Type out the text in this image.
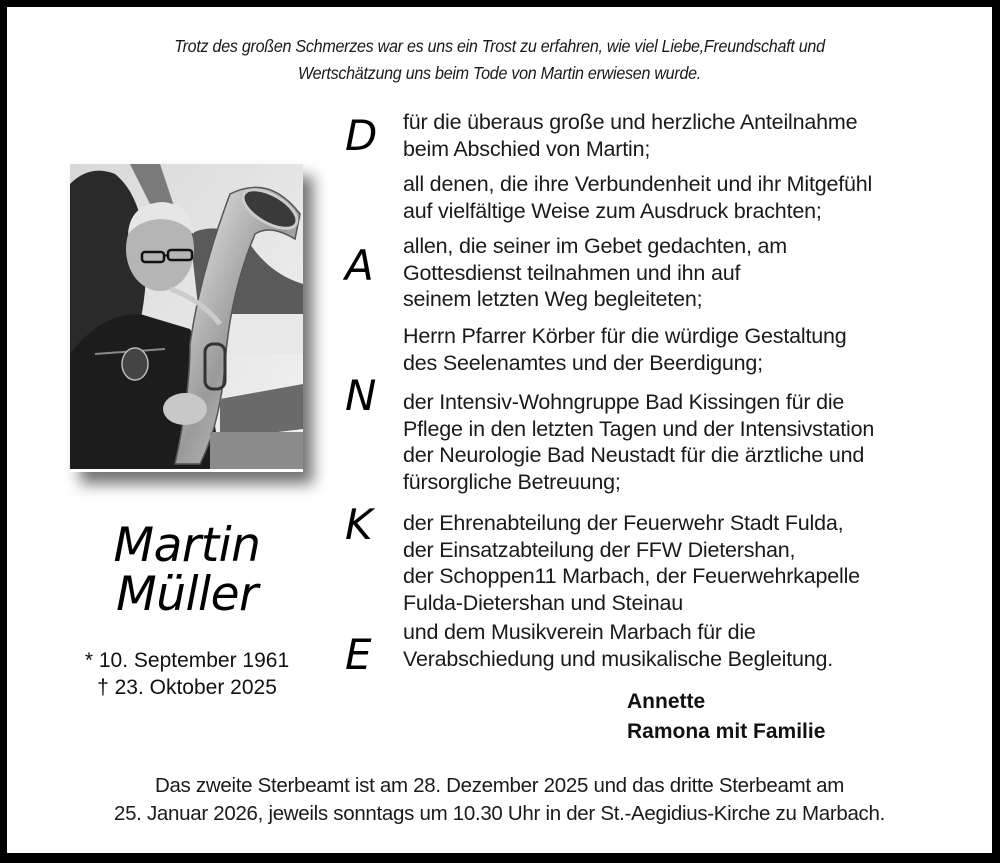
Trotz des großen Schmerzes war es uns ein Trost zu erfahren, wie viel Liebe,Freundschaft und
Wertschätzung uns beim Tode von Martin erwiesen wurde.
Martin
Müller
* 10. September 1961
† 23. Oktober 2025
D
A
N
K
E
für die überaus große und herzliche Anteilnahme
beim Abschied von Martin;
all denen, die ihre Verbundenheit und ihr Mitgefühl
auf vielfältige Weise zum Ausdruck brachten;
allen, die seiner im Gebet gedachten, am
Gottesdienst teilnahmen und ihn auf
seinem letzten Weg begleiteten;
Herrn Pfarrer Körber für die würdige Gestaltung
des Seelenamtes und der Beerdigung;
der Intensiv-Wohngruppe Bad Kissingen für die
Pflege in den letzten Tagen und der Intensivstation
der Neurologie Bad Neustadt für die ärztliche und
fürsorgliche Betreuung;
der Ehrenabteilung der Feuerwehr Stadt Fulda,
der Einsatzabteilung der FFW Dietershan,
der Schoppen11 Marbach, der Feuerwehrkapelle
Fulda-Dietershan und Steinau
und dem Musikverein Marbach für die
Verabschiedung und musikalische Begleitung.
Annette
Ramona mit Familie
Das zweite Sterbeamt ist am 28. Dezember 2025 und das dritte Sterbeamt am
25. Januar 2026, jeweils sonntags um 10.30 Uhr in der St.-Aegidius-Kirche zu Marbach.
